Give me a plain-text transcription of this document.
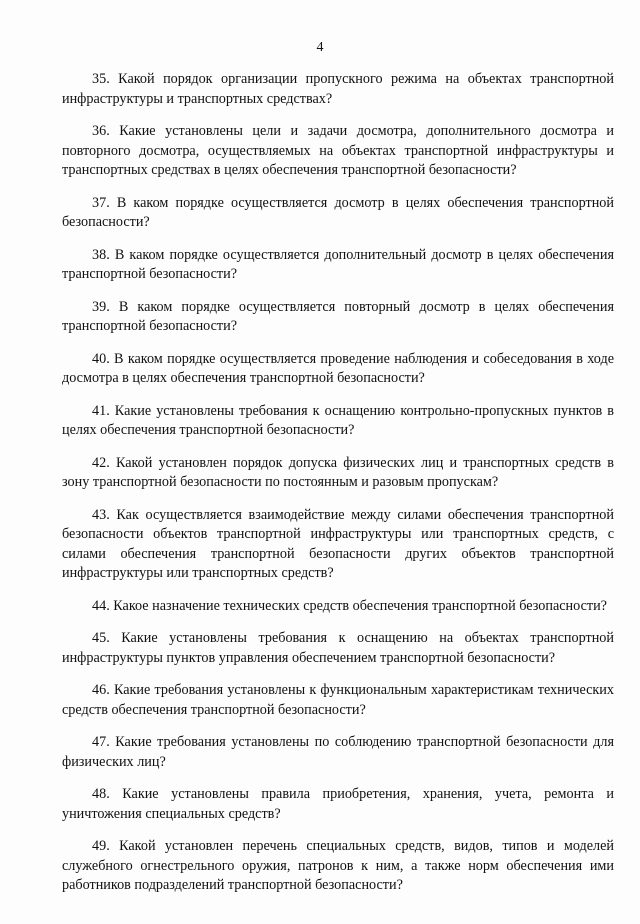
4

35. Какой порядок организации пропускного режима на объектах транспортной инфраструктуры и транспортных средствах?

36. Какие установлены цели и задачи досмотра, дополнительного досмотра и повторного досмотра, осуществляемых на объектах транспортной инфраструктуры и транспортных средствах в целях обеспечения транспортной безопасности?

37. В каком порядке осуществляется досмотр в целях обеспечения транспортной безопасности?

38. В каком порядке осуществляется дополнительный досмотр в целях обеспечения транспортной безопасности?

39. В каком порядке осуществляется повторный досмотр в целях обеспечения транспортной безопасности?

40. В каком порядке осуществляется проведение наблюдения и собеседования в ходе досмотра в целях обеспечения транспортной безопасности?

41. Какие установлены требования к оснащению контрольно-пропускных пунктов в целях обеспечения транспортной безопасности?

42. Какой установлен порядок допуска физических лиц и транспортных средств в зону транспортной безопасности по постоянным и разовым пропускам?

43. Как осуществляется взаимодействие между силами обеспечения транспортной безопасности объектов транспортной инфраструктуры или транспортных средств, с силами обеспечения транспортной безопасности других объектов транспортной инфраструктуры или транспортных средств?

44. Какое назначение технических средств обеспечения транспортной безопасности?

45. Какие установлены требования к оснащению на объектах транспортной инфраструктуры пунктов управления обеспечением транспортной безопасности?

46. Какие требования установлены к функциональным характеристикам технических средств обеспечения транспортной безопасности?

47. Какие требования установлены по соблюдению транспортной безопасности для физических лиц?

48. Какие установлены правила приобретения, хранения, учета, ремонта и уничтожения специальных средств?

49. Какой установлен перечень специальных средств, видов, типов и моделей служебного огнестрельного оружия, патронов к ним, а также норм обеспечения ими работников подразделений транспортной безопасности?
